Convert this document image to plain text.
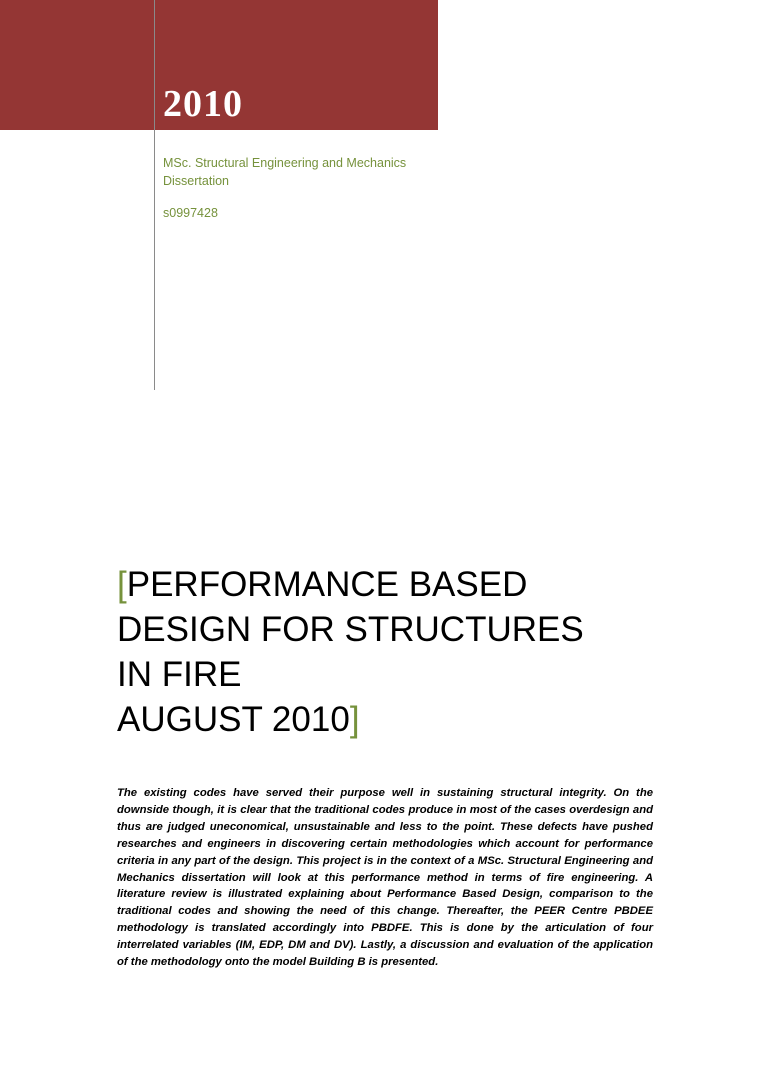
2010
MSc. Structural Engineering and Mechanics
Dissertation
s0997428
[PERFORMANCE BASED
DESIGN FOR STRUCTURES
IN FIRE
AUGUST 2010]

The existing codes have served their purpose well in sustaining structural integrity. On the downside though, it is clear that the traditional codes produce in most of the cases overdesign and thus are judged uneconomical, unsustainable and less to the point. These defects have pushed researches and engineers in discovering certain methodologies which account for performance criteria in any part of the design. This project is in the context of a MSc. Structural Engineering and Mechanics dissertation will look at this performance method in terms of fire engineering. A literature review is illustrated explaining about Performance Based Design, comparison to the traditional codes and showing the need of this change. Thereafter, the PEER Centre PBDEE methodology is translated accordingly into PBDFE. This is done by the articulation of four interrelated variables (IM, EDP, DM and DV). Lastly, a discussion and evaluation of the application of the methodology onto the model Building B is presented.
